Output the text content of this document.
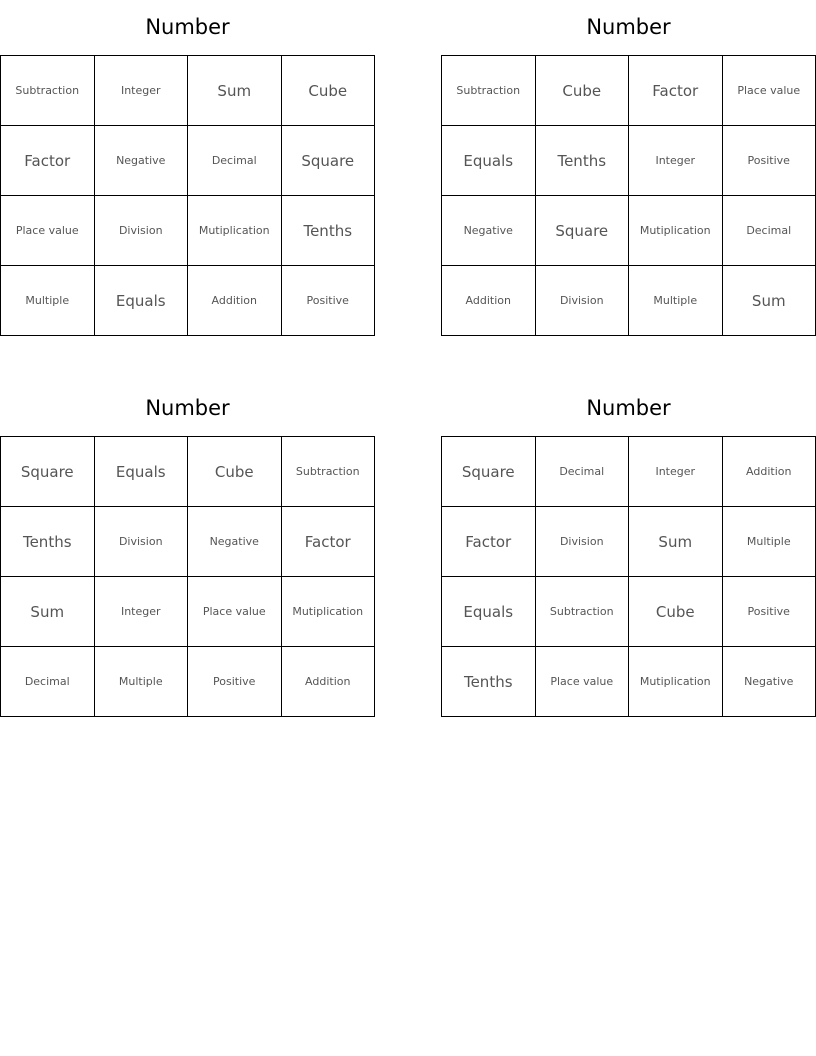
Number
Subtraction	Integer	Sum	Cube
Factor	Negative	Decimal	Square
Place value	Division	Mutiplication	Tenths
Multiple	Equals	Addition	Positive
Number
Subtraction	Cube	Factor	Place value
Equals	Tenths	Integer	Positive
Negative	Square	Mutiplication	Decimal
Addition	Division	Multiple	Sum
Number
Square	Equals	Cube	Subtraction
Tenths	Division	Negative	Factor
Sum	Integer	Place value	Mutiplication
Decimal	Multiple	Positive	Addition
Number
Square	Decimal	Integer	Addition
Factor	Division	Sum	Multiple
Equals	Subtraction	Cube	Positive
Tenths	Place value	Mutiplication	Negative
